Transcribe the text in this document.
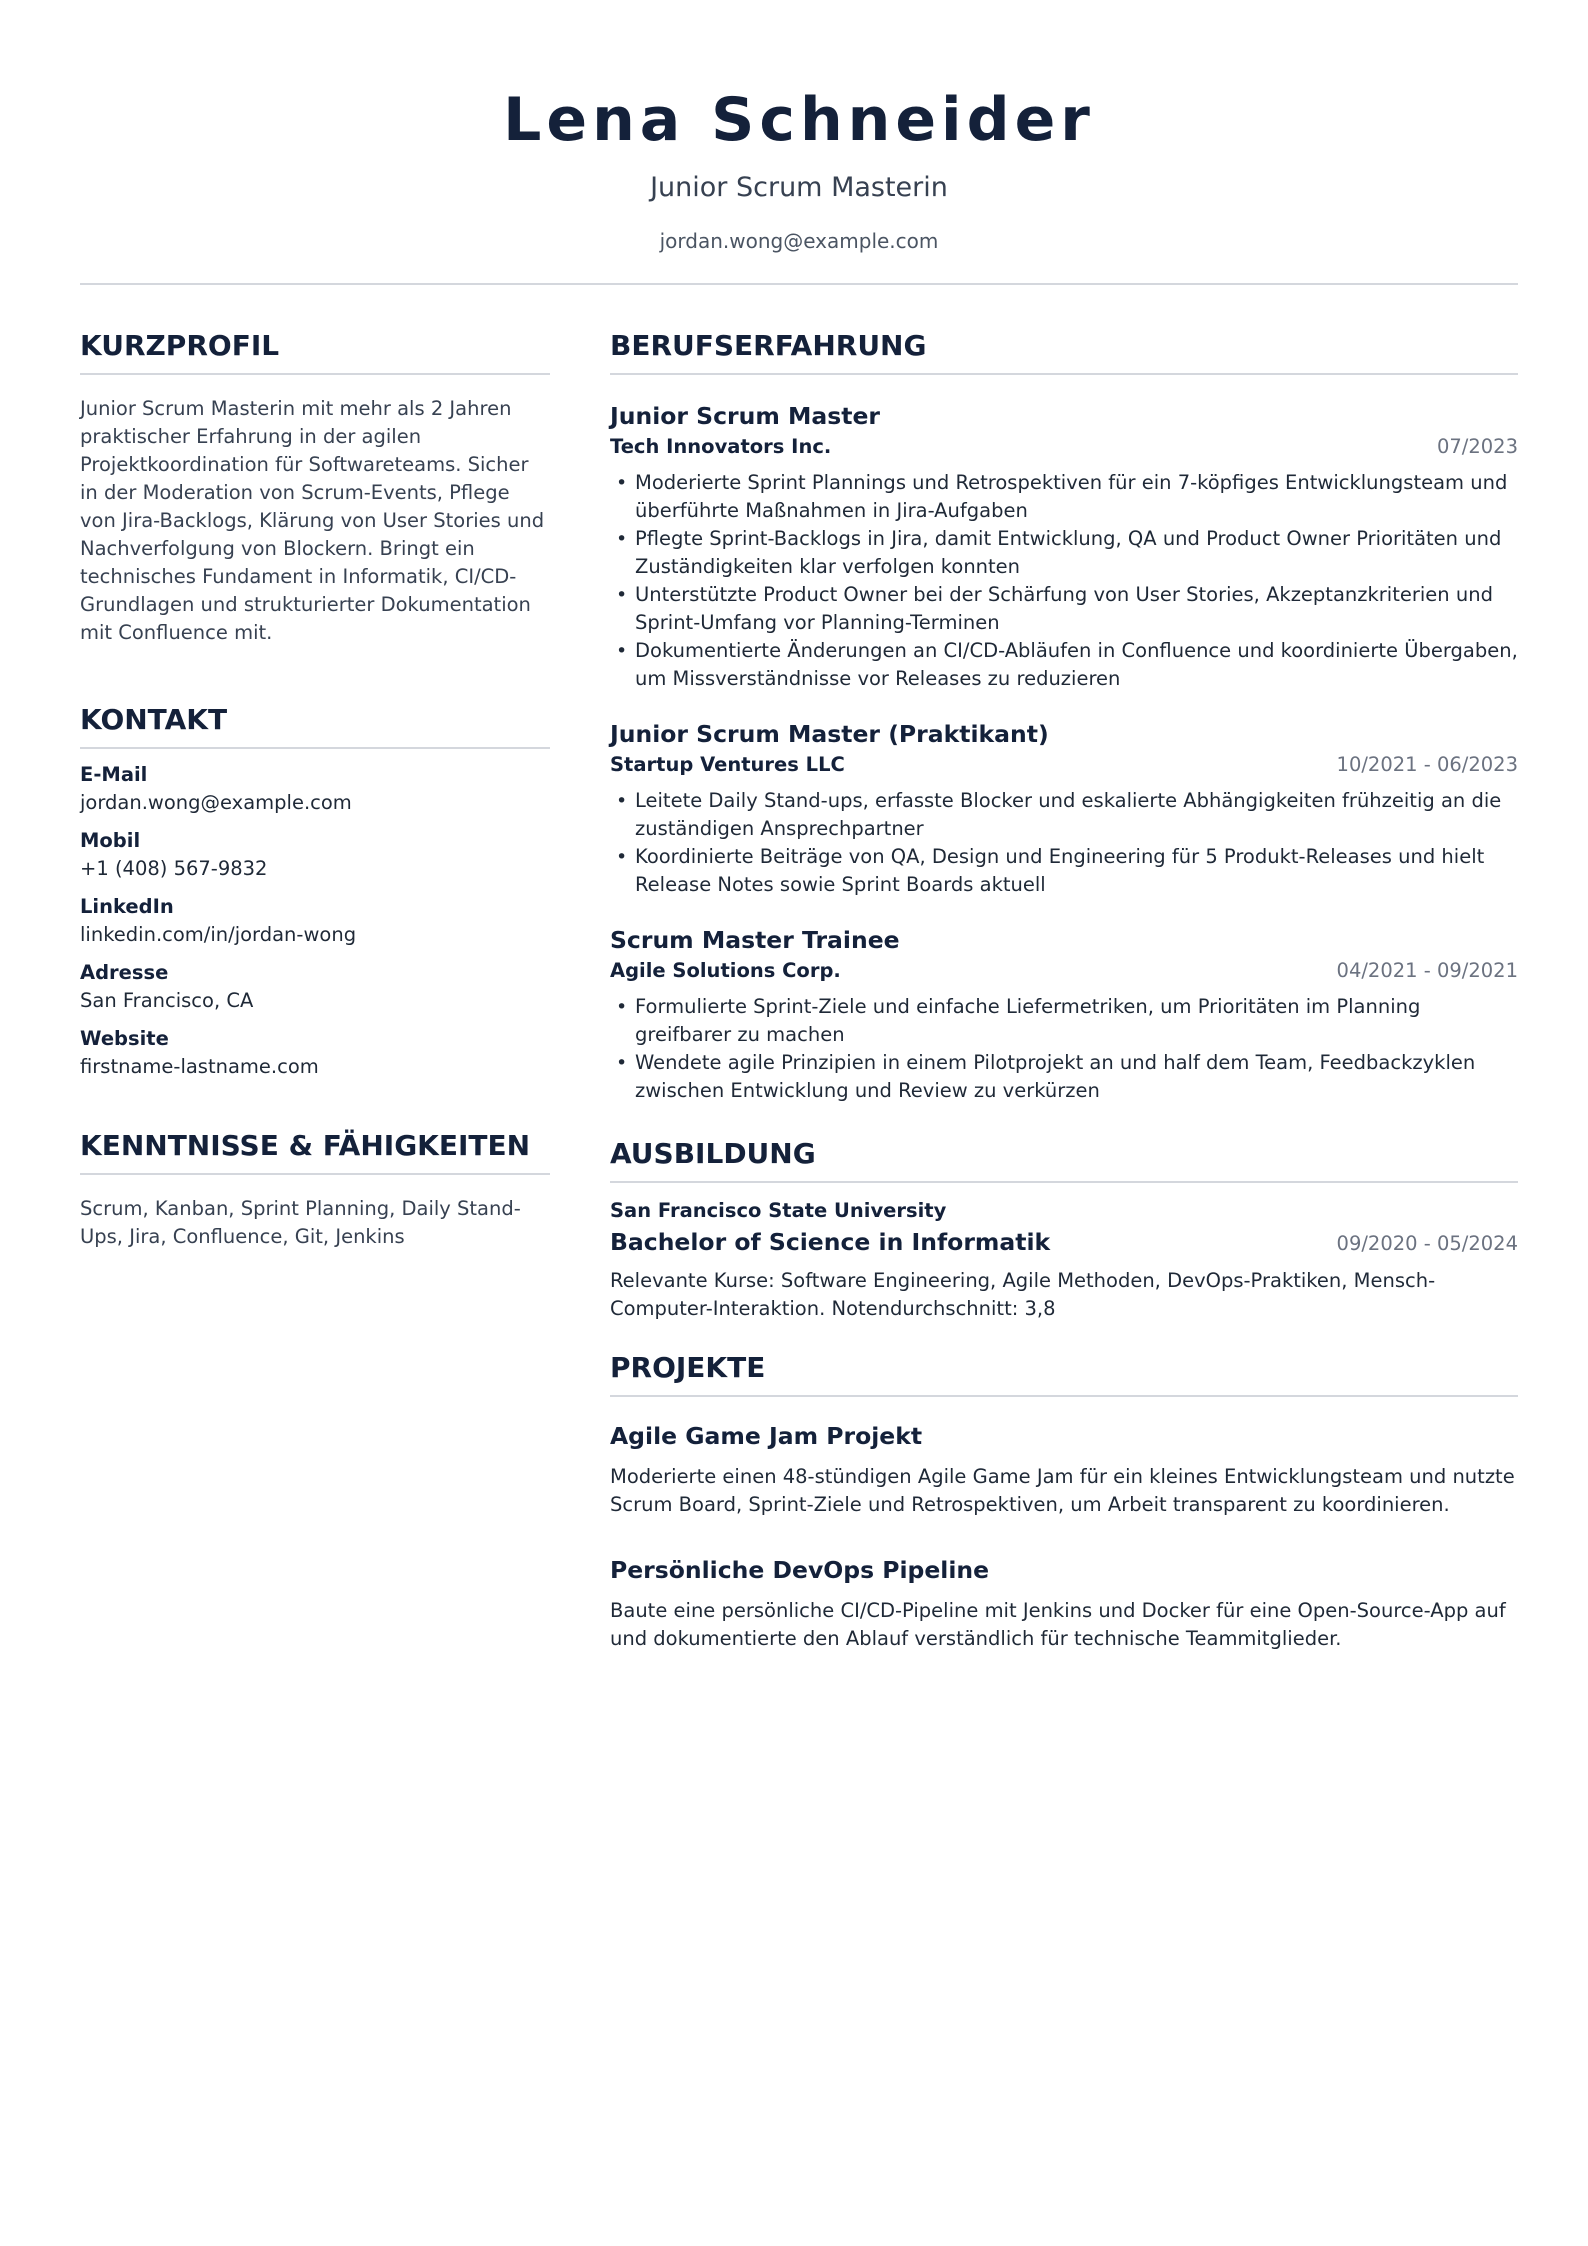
Lena Schneider
Junior Scrum Masterin
jordan.wong@example.com
KURZPROFIL

Junior Scrum Masterin mit mehr als 2 Jahren praktischer Erfahrung in der agilen Projektkoordination für Softwareteams. Sicher in der Moderation von Scrum-Events, Pflege von Jira-Backlogs, Klärung von User Stories und Nachverfolgung von Blockern. Bringt ein technisches Fundament in Informatik, CI/CD-Grundlagen und strukturierter Dokumentation mit Confluence mit.

KONTAKT
E-Mail
jordan.wong@example.com
Mobil
+1 (408) 567-9832
LinkedIn
linkedin.com/in/jordan-wong
Adresse
San Francisco, CA
Website
firstname-lastname.com
KENNTNISSE & FÄHIGKEITEN

Scrum, Kanban, Sprint Planning, Daily Stand-Ups, Jira, Confluence, Git, Jenkins

BERUFSERFAHRUNG
Junior Scrum Master
Tech Innovators Inc.	07/2023
• Moderierte Sprint Plannings und Retrospektiven für ein 7-köpfiges Entwicklungsteam und überführte Maßnahmen in Jira-Aufgaben
• Pflegte Sprint-Backlogs in Jira, damit Entwicklung, QA und Product Owner Prioritäten und Zuständigkeiten klar verfolgen konnten
• Unterstützte Product Owner bei der Schärfung von User Stories, Akzeptanzkriterien und Sprint-Umfang vor Planning-Terminen
• Dokumentierte Änderungen an CI/CD-Abläufen in Confluence und koordinierte Übergaben, um Missverständnisse vor Releases zu reduzieren
Junior Scrum Master (Praktikant)
Startup Ventures LLC	10/2021 - 06/2023
• Leitete Daily Stand-ups, erfasste Blocker und eskalierte Abhängigkeiten frühzeitig an die zuständigen Ansprechpartner
• Koordinierte Beiträge von QA, Design und Engineering für 5 Produkt-Releases und hielt Release Notes sowie Sprint Boards aktuell
Scrum Master Trainee
Agile Solutions Corp.	04/2021 - 09/2021
• Formulierte Sprint-Ziele und einfache Liefermetriken, um Prioritäten im Planning greifbarer zu machen
• Wendete agile Prinzipien in einem Pilotprojekt an und half dem Team, Feedbackzyklen zwischen Entwicklung und Review zu verkürzen
AUSBILDUNG
San Francisco State University
Bachelor of Science in Informatik	09/2020 - 05/2024

Relevante Kurse: Software Engineering, Agile Methoden, DevOps-Praktiken, Mensch-Computer-Interaktion. Notendurchschnitt: 3,8

PROJEKTE
Agile Game Jam Projekt

Moderierte einen 48-stündigen Agile Game Jam für ein kleines Entwicklungsteam und nutzte Scrum Board, Sprint-Ziele und Retrospektiven, um Arbeit transparent zu koordinieren.

Persönliche DevOps Pipeline

Baute eine persönliche CI/CD-Pipeline mit Jenkins und Docker für eine Open-Source-App auf und dokumentierte den Ablauf verständlich für technische Teammitglieder.
